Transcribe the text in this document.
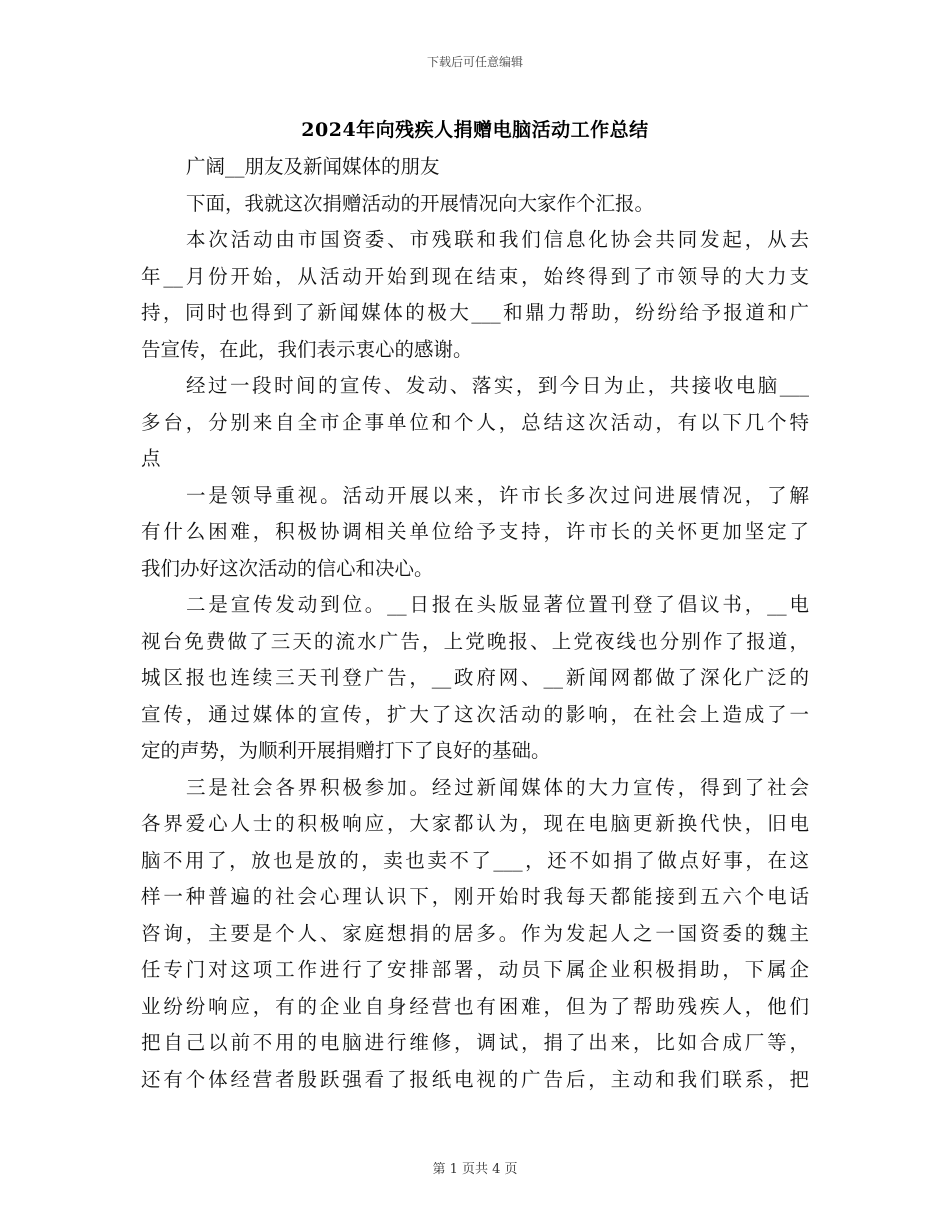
下载后可任意编辑
2024年向残疾人捐赠电脑活动工作总结
广阔__朋友及新闻媒体的朋友
下面，我就这次捐赠活动的开展情况向大家作个汇报。
本次活动由市国资委、市残联和我们信息化协会共同发起，从去
年__月份开始，从活动开始到现在结束，始终得到了市领导的大力支
持，同时也得到了新闻媒体的极大___和鼎力帮助，纷纷给予报道和广
告宣传，在此，我们表示衷心的感谢。
经过一段时间的宣传、发动、落实，到今日为止，共接收电脑___
多台，分别来自全市企事单位和个人，总结这次活动，有以下几个特
点
一是领导重视。活动开展以来，许市长多次过问进展情况，了解
有什么困难，积极协调相关单位给予支持，许市长的关怀更加坚定了
我们办好这次活动的信心和决心。
二是宣传发动到位。__日报在头版显著位置刊登了倡议书，__电
视台免费做了三天的流水广告，上党晚报、上党夜线也分别作了报道，
城区报也连续三天刊登广告，__政府网、__新闻网都做了深化广泛的
宣传，通过媒体的宣传，扩大了这次活动的影响，在社会上造成了一
定的声势，为顺利开展捐赠打下了良好的基础。
三是社会各界积极参加。经过新闻媒体的大力宣传，得到了社会
各界爱心人士的积极响应，大家都认为，现在电脑更新换代快，旧电
脑不用了，放也是放的，卖也卖不了___，还不如捐了做点好事，在这
样一种普遍的社会心理认识下，刚开始时我每天都能接到五六个电话
咨询，主要是个人、家庭想捐的居多。作为发起人之一国资委的魏主
任专门对这项工作进行了安排部署，动员下属企业积极捐助，下属企
业纷纷响应，有的企业自身经营也有困难，但为了帮助残疾人，他们
把自己以前不用的电脑进行维修，调试，捐了出来，比如合成厂等，
还有个体经营者殷跃强看了报纸电视的广告后，主动和我们联系，把
第 1 页共 4 页
